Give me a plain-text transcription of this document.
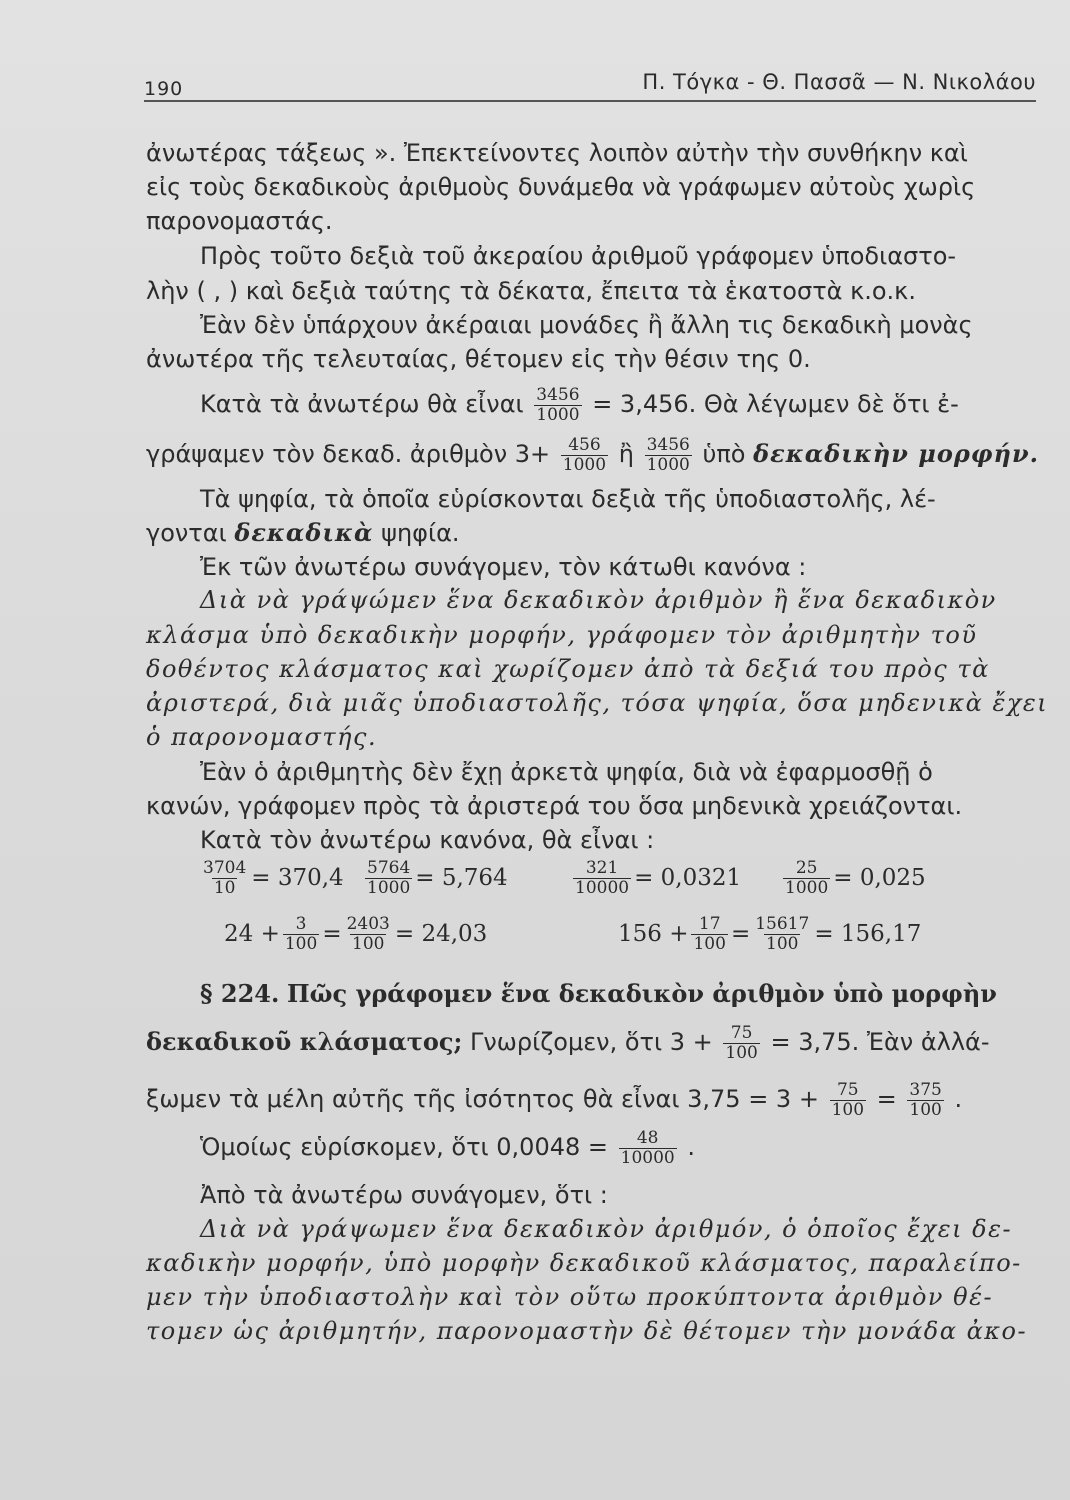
190	Π. Τόγκα - Θ. Πασσᾶ — Ν. Νικολάου
ἀνωτέρας τάξεως ». Ἐπεκτείνοντες λοιπὸν αὐτὴν τὴν συνθήκην καὶ
εἰς τοὺς δεκαδικοὺς ἀριθμοὺς δυνάμεθα νὰ γράφωμεν αὐτοὺς χωρὶς
παρονομαστάς.
Πρὸς τοῦτο δεξιὰ τοῦ ἀκεραίου ἀριθμοῦ γράφομεν ὑποδιαστο-
λὴν ( , ) καὶ δεξιὰ ταύτης τὰ δέκατα, ἔπειτα τὰ ἑκατοστὰ κ.ο.κ.
Ἐὰν δὲν ὑπάρχουν ἀκέραιαι μονάδες ἢ ἄλλη τις δεκαδικὴ μονὰς
ἀνωτέρα τῆς τελευταίας, θέτομεν εἰς τὴν θέσιν της 0.
Κατὰ τὰ ἀνωτέρω θὰ εἶναι $\frac{3456}{1000} = 3,456$. Θὰ λέγωμεν δὲ ὅτι ἐ-
γράψαμεν τὸν δεκαδ. ἀριθμὸν $3+ \frac{456}{1000}$ ἢ $\frac{3456}{1000}$ ὑπὸ δεκαδικὴν μορφήν.
Τὰ ψηφία, τὰ ὁποῖα εὑρίσκονται δεξιὰ τῆς ὑποδιαστολῆς, λέ-
γονται δεκαδικὰ ψηφία.
Ἐκ τῶν ἀνωτέρω συνάγομεν, τὸν κάτωθι κανόνα :
Διὰ νὰ γράψώμεν ἕνα δεκαδικὸν ἀριθμὸν ἢ ἕνα δεκαδικὸν
κλάσμα ὑπὸ δεκαδικὴν μορφήν, γράφομεν τὸν ἀριθμητὴν τοῦ
δοθέντος κλάσματος καὶ χωρίζομεν ἀπὸ τὰ δεξιά του πρὸς τὰ
ἀριστερά, διὰ μιᾶς ὑποδιαστολῆς, τόσα ψηφία, ὅσα μηδενικὰ ἔχει
ὁ παρονομαστής.
Ἐὰν ὁ ἀριθμητὴς δὲν ἔχῃ ἀρκετὰ ψηφία, διὰ νὰ ἐφαρμοσθῇ ὁ
κανών, γράφομεν πρὸς τὰ ἀριστερά του ὅσα μηδενικὰ χρειάζονται.
Κατὰ τὸν ἀνωτέρω κανόνα, θὰ εἶναι :
$\frac{3704}{10} = 370,4 \frac{5764}{1000} = 5,764$	$\frac{321}{10000} = 0,0321 \frac{25}{1000} = 0,025$
$24 + \frac{3}{100} = \frac{2403}{100} = 24,03$	$156 + \frac{17}{100} = \frac{15617}{100} = 156,17$
§ 224. Πῶς γράφομεν ἕνα δεκαδικὸν ἀριθμὸν ὑπὸ μορφὴν
δεκαδικοῦ κλάσματος; Γνωρίζομεν, ὅτι $3 + \frac{75}{100} = 3,75$. Ἐὰν ἀλλά-
ξωμεν τὰ μέλη αὐτῆς τῆς ἰσότητος θὰ εἶναι $3,75 = 3 + \frac{75}{100} = \frac{375}{100}$ .
Ὁμοίως εὑρίσκομεν, ὅτι $0,0048 = \frac{48}{10000}$ .
Ἀπὸ τὰ ἀνωτέρω συνάγομεν, ὅτι :
Διὰ νὰ γράψωμεν ἕνα δεκαδικὸν ἀριθμόν, ὁ ὁποῖος ἔχει δε-
καδικὴν μορφήν, ὑπὸ μορφὴν δεκαδικοῦ κλάσματος, παραλείπο-
μεν τὴν ὑποδιαστολὴν καὶ τὸν οὕτω προκύπτοντα ἀριθμὸν θέ-
τομεν ὡς ἀριθμητήν, παρονομαστὴν δὲ θέτομεν τὴν μονάδα ἀκο-
